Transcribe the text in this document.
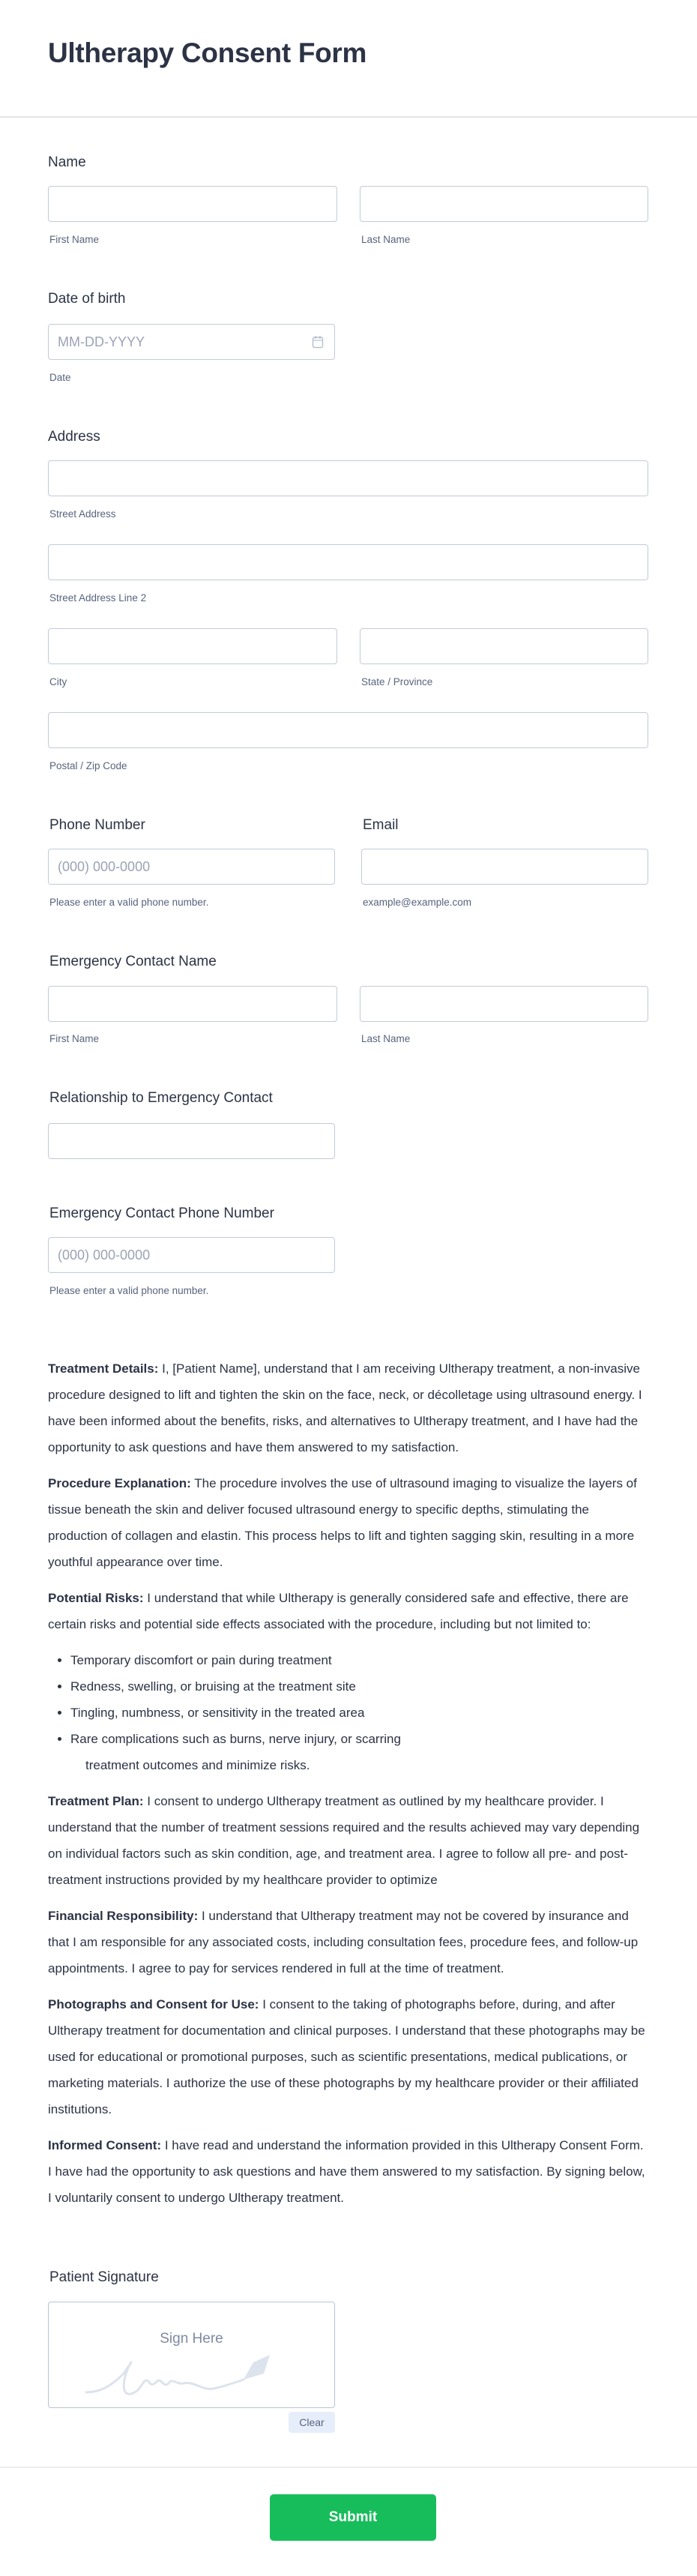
Ultherapy Consent Form
Name
First Name	Last Name
Date of birth
MM-DD-YYYY
Date
Address
Street Address
Street Address Line 2
City	State / Province
Postal / Zip Code
Phone Number	Email
(000) 000-0000
Please enter a valid phone number.	example@example.com
Emergency Contact Name
First Name	Last Name
Relationship to Emergency Contact
Emergency Contact Phone Number
(000) 000-0000
Please enter a valid phone number.

Treatment Details: I, [Patient Name], understand that I am receiving Ultherapy treatment, a non-invasive procedure designed to lift and tighten the skin on the face, neck, or décolletage using ultrasound energy. I have been informed about the benefits, risks, and alternatives to Ultherapy treatment, and I have had the opportunity to ask questions and have them answered to my satisfaction.

Procedure Explanation: The procedure involves the use of ultrasound imaging to visualize the layers of tissue beneath the skin and deliver focused ultrasound energy to specific depths, stimulating the production of collagen and elastin. This process helps to lift and tighten sagging skin, resulting in a more youthful appearance over time.

Potential Risks: I understand that while Ultherapy is generally considered safe and effective, there are certain risks and potential side effects associated with the procedure, including but not limited to:

• Temporary discomfort or pain during treatment
• Redness, swelling, or bruising at the treatment site
• Tingling, numbness, or sensitivity in the treated area
• Rare complications such as burns, nerve injury, or scarring
treatment outcomes and minimize risks.

Treatment Plan: I consent to undergo Ultherapy treatment as outlined by my healthcare provider. I understand that the number of treatment sessions required and the results achieved may vary depending on individual factors such as skin condition, age, and treatment area. I agree to follow all pre- and post-treatment instructions provided by my healthcare provider to optimize

Financial Responsibility: I understand that Ultherapy treatment may not be covered by insurance and that I am responsible for any associated costs, including consultation fees, procedure fees, and follow-up appointments. I agree to pay for services rendered in full at the time of treatment.

Photographs and Consent for Use: I consent to the taking of photographs before, during, and after Ultherapy treatment for documentation and clinical purposes. I understand that these photographs may be used for educational or promotional purposes, such as scientific presentations, medical publications, or marketing materials. I authorize the use of these photographs by my healthcare provider or their affiliated institutions.

Informed Consent: I have read and understand the information provided in this Ultherapy Consent Form. I have had the opportunity to ask questions and have them answered to my satisfaction. By signing below, I voluntarily consent to undergo Ultherapy treatment.

Patient Signature
Sign Here
Clear
Submit
